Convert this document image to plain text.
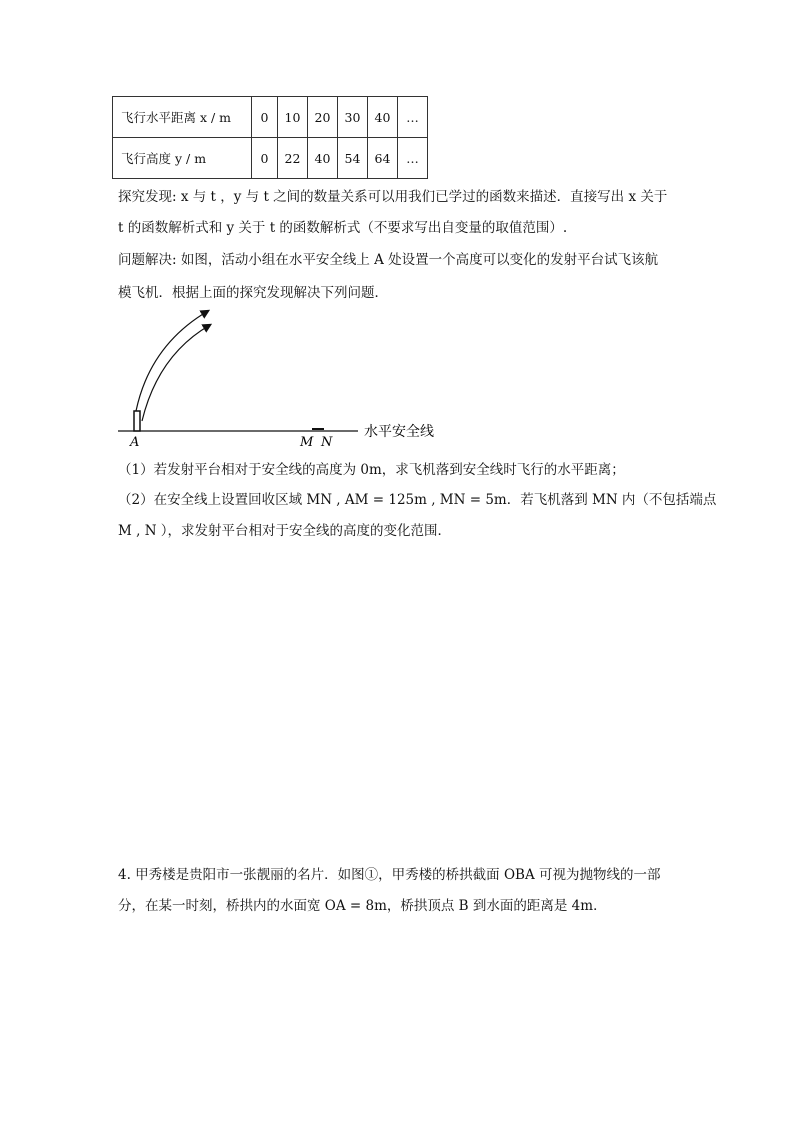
飞行水平距离 x / m	0	10	20	30	40	…
飞行高度 y / m	0	22	40	54	64	…
探究发现: x 与 t ，y 与 t 之间的数量关系可以用我们已学过的函数来描述．直接写出 x 关于
t 的函数解析式和 y 关于 t 的函数解析式（不要求写出自变量的取值范围）.
问题解决: 如图，活动小组在水平安全线上 A 处设置一个高度可以变化的发射平台试飞该航
模飞机．根据上面的探究发现解决下列问题．
A	M N
水平安全线
（1）若发射平台相对于安全线的高度为 0m，求飞机落到安全线时飞行的水平距离；
（2）在安全线上设置回收区域 MN , AM = 125m , MN = 5m．若飞机落到 MN 内（不包括端点
M , N ），求发射平台相对于安全线的高度的变化范围．
4. 甲秀楼是贵阳市一张靓丽的名片．如图①，甲秀楼的桥拱截面 OBA 可视为抛物线的一部
分，在某一时刻，桥拱内的水面宽 OA = 8m，桥拱顶点 B 到水面的距离是 4m．
